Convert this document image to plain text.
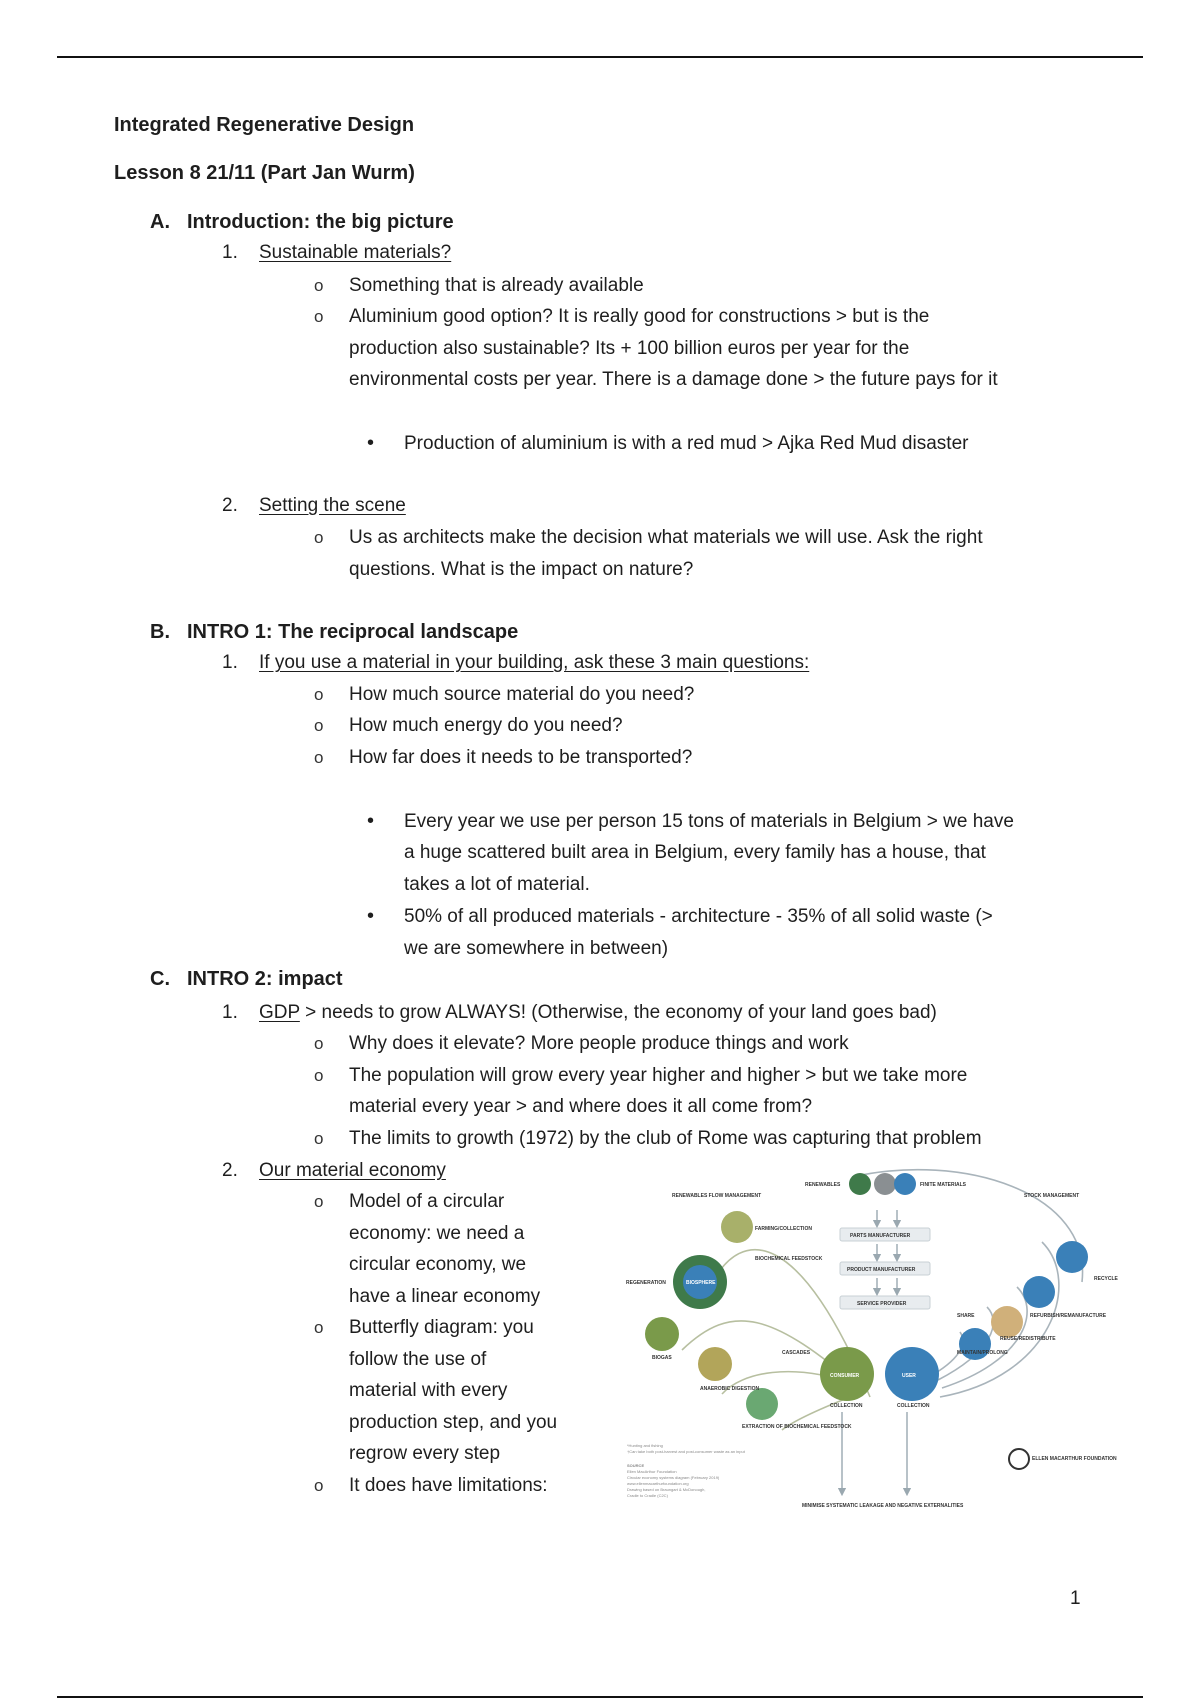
Integrated Regenerative Design
Lesson 8 21/11 (Part Jan Wurm)
A. Introduction: the big picture
1. Sustainable materials?
o Something that is already available
o Aluminium good option? It is really good for constructions > but is the
production also sustainable? Its + 100 billion euros per year for the
environmental costs per year. There is a damage done > the future pays for it
• Production of aluminium is with a red mud > Ajka Red Mud disaster
2. Setting the scene
o Us as architects make the decision what materials we will use. Ask the right
questions. What is the impact on nature?
B. INTRO 1: The reciprocal landscape
1. If you use a material in your building, ask these 3 main questions:
o How much source material do you need?
o How much energy do you need?
o How far does it needs to be transported?
• Every year we use per person 15 tons of materials in Belgium > we have
a huge scattered built area in Belgium, every family has a house, that
takes a lot of material.
• 50% of all produced materials - architecture - 35% of all solid waste (>
we are somewhere in between)
C. INTRO 2: impact
1. GDP > needs to grow ALWAYS! (Otherwise, the economy of your land goes bad)
o Why does it elevate? More people produce things and work
o The population will grow every year higher and higher > but we take more
material every year > and where does it all come from?
o The limits to growth (1972) by the club of Rome was capturing that problem
2. Our material economy
o Model of a circular
economy: we need a
circular economy, we
have a linear economy
o Butterfly diagram: you
follow the use of
material with every
production step, and you
regrow every step
o It does have limitations:
RENEWABLES	FINITE MATERIALS
RENEWABLES FLOW MANAGEMENT	STOCK MANAGEMENT
FARMING/COLLECTION
PARTS MANUFACTURER
PRODUCT MANUFACTURER
SERVICE PROVIDER
BIOCHEMICAL FEEDSTOCK
REGENERATION	BIOSPHERE
RECYCLE
REFURBISH/REMANUFACTURE
REUSE/REDISTRIBUTE
SHARE
MAINTAIN/PROLONG
BIOGAS
ANAEROBIC DIGESTION
CASCADES
CONSUMER	USER
COLLECTION	COLLECTION
EXTRACTION OF BIOCHEMICAL FEEDSTOCK
MINIMISE SYSTEMATIC LEAKAGE AND NEGATIVE EXTERNALITIES
ELLEN MACARTHUR FOUNDATION
*Hunting and fishing
†Can take both post-harvest and post-consumer waste as an input
SOURCE
Ellen MacArthur Foundation
Circular economy systems diagram (February 2019)
www.ellenmacarthurfoundation.org
Drawing based on Braungart & McDonough,
Cradle to Cradle (C2C)
1
